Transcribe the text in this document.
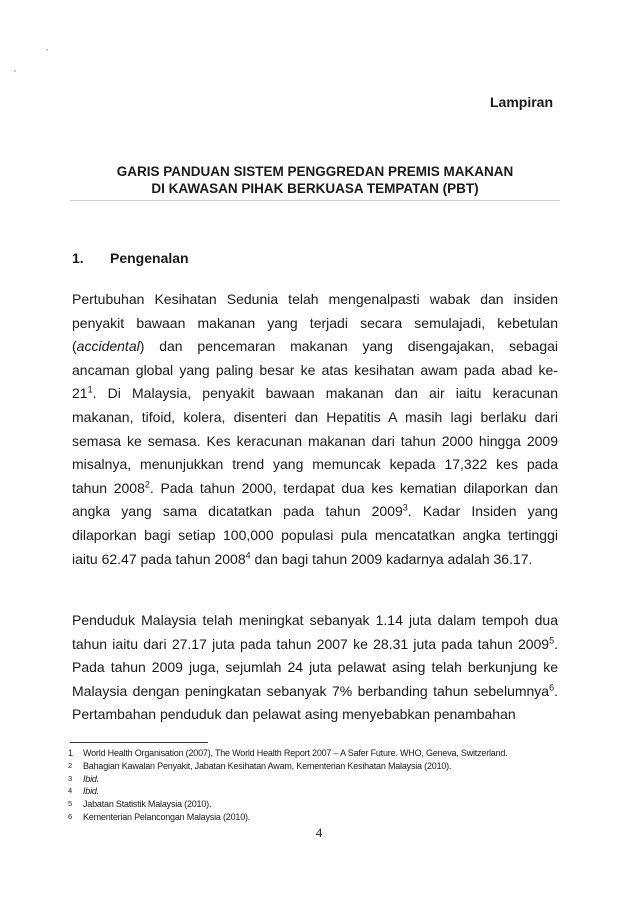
Lampiran
GARIS PANDUAN SISTEM PENGGREDAN PREMIS MAKANAN
DI KAWASAN PIHAK BERKUASA TEMPATAN (PBT)
1. Pengenalan
Pertubuhan Kesihatan Sedunia telah mengenalpasti wabak dan insiden
penyakit bawaan makanan yang terjadi secara semulajadi, kebetulan
(accidental) dan pencemaran makanan yang disengajakan, sebagai
ancaman global yang paling besar ke atas kesihatan awam pada abad ke-
$21^1$. Di Malaysia, penyakit bawaan makanan dan air iaitu keracunan
makanan, tifoid, kolera, disenteri dan Hepatitis A masih lagi berlaku dari
semasa ke semasa. Kes keracunan makanan dari tahun 2000 hingga 2009
misalnya, menunjukkan trend yang memuncak kepada 17,322 kes pada
tahun 2008$^2$. Pada tahun 2000, terdapat dua kes kematian dilaporkan dan
angka yang sama dicatatkan pada tahun 2009$^3$. Kadar Insiden yang
dilaporkan bagi setiap 100,000 populasi pula mencatatkan angka tertinggi
iaitu 62.47 pada tahun 2008$^4$ dan bagi tahun 2009 kadarnya adalah 36.17.
Penduduk Malaysia telah meningkat sebanyak 1.14 juta dalam tempoh dua
tahun iaitu dari 27.17 juta pada tahun 2007 ke 28.31 juta pada tahun 2009$^5$.
Pada tahun 2009 juga, sejumlah 24 juta pelawat asing telah berkunjung ke
Malaysia dengan peningkatan sebanyak 7% berbanding tahun sebelumnya$^6$.
Pertambahan penduduk dan pelawat asing menyebabkan penambahan
1 World Health Organisation (2007), The World Health Report 2007 – A Safer Future. WHO, Geneva, Switzerland.
2 Bahagian Kawalan Penyakit, Jabatan Kesihatan Awam, Kementerian Kesihatan Malaysia (2010).
3 Ibid.
4 Ibid.
5 Jabatan Statistik Malaysia (2010).
6 Kementerian Pelancongan Malaysia (2010).
4
